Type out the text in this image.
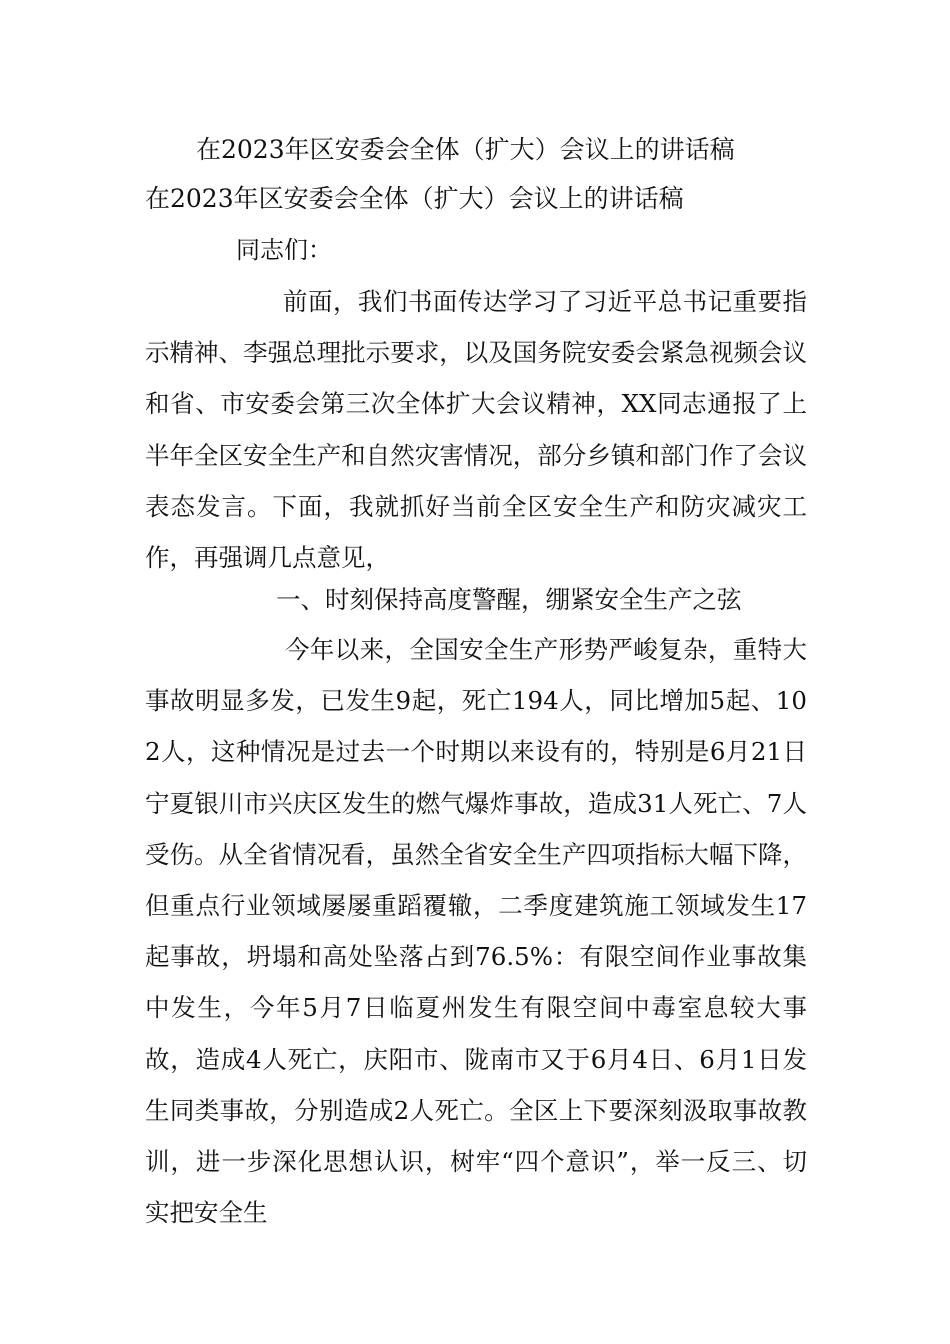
在2023年区安委会全体（扩大）会议上的讲话稿
在2023年区安委会全体（扩大）会议上的讲话稿
同志们：

前面，我们书面传达学习了习近平总书记重要指示精神、李强总理批示要求，以及国务院安委会紧急视频会议和省、市安委会第三次全体扩大会议精神，XX同志通报了上半年全区安全生产和自然灾害情况，部分乡镇和部门作了会议表态发言。下面，我就抓好当前全区安全生产和防灾减灾工作，再强调几点意见，

一、时刻保持高度警醒，绷紧安全生产之弦

今年以来，全国安全生产形势严峻复杂，重特大事故明显多发，已发生9起，死亡194人，同比增加5起、102人，这种情况是过去一个时期以来设有的，特别是6月21日宁夏银川市兴庆区发生的燃气爆炸事故，造成31人死亡、7人受伤。从全省情况看，虽然全省安全生产四项指标大幅下降，但重点行业领域屡屡重蹈覆辙，二季度建筑施工领域发生17起事故，坍塌和高处坠落占到76.5%：有限空间作业事故集中发生，今年5月7日临夏州发生有限空间中毒室息较大事故，造成4人死亡，庆阳市、陇南市又于6月4日、6月1日发生同类事故，分别造成2人死亡。全区上下要深刻汲取事故教训，进一步深化思想认识，树牢“四个意识”，举一反三、切实把安全生
